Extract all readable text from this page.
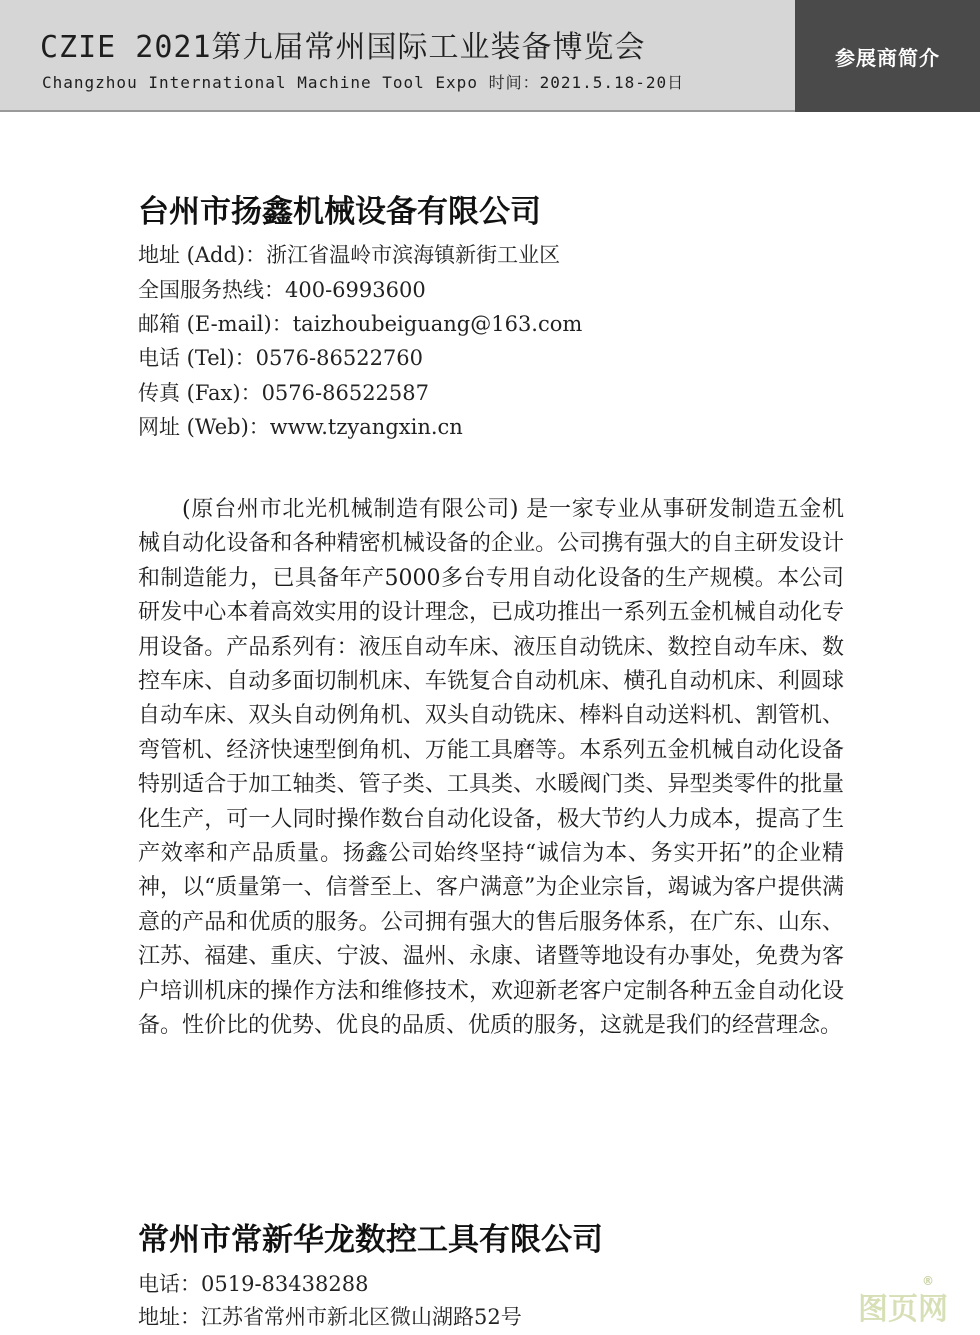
CZIE 2021第九届常州国际工业装备博览会
Changzhou International Machine Tool Expo 时间：2021.5.18-20日
参展商简介
台州市扬鑫机械设备有限公司
地址 (Add)：浙江省温岭市滨海镇新街工业区
全国服务热线：400-6993600
邮箱 (E-mail)：taizhoubeiguang@163.com
电话 (Tel)：0576-86522760
传真 (Fax)：0576-86522587
网址 (Web)：www.tzyangxin.cn

(原台州市北光机械制造有限公司) 是一家专业从事研发制造五金机械自动化设备和各种精密机械设备的企业。公司携有强大的自主研发设计和制造能力，已具备年产5000多台专用自动化设备的生产规模。本公司研发中心本着高效实用的设计理念，已成功推出一系列五金机械自动化专用设备。产品系列有：液压自动车床、液压自动铣床、数控自动车床、数控车床、自动多面切制机床、车铣复合自动机床、横孔自动机床、利圆球自动车床、双头自动例角机、双头自动铣床、棒料自动送料机、割管机、弯管机、经济快速型倒角机、万能工具磨等。本系列五金机械自动化设备特别适合于加工轴类、管子类、工具类、水暖阀门类、异型类零件的批量化生产，可一人同时操作数台自动化设备，极大节约人力成本，提高了生产效率和产品质量。扬鑫公司始终坚持“诚信为本、务实开拓”的企业精神，以“质量第一、信誉至上、客户满意”为企业宗旨，竭诚为客户提供满意的产品和优质的服务。公司拥有强大的售后服务体系，在广东、山东、江苏、福建、重庆、宁波、温州、永康、诸暨等地设有办事处，免费为客户培训机床的操作方法和维修技术，欢迎新老客户定制各种五金自动化设备。性价比的优势、优良的品质、优质的服务，这就是我们的经营理念。

常州市常新华龙数控工具有限公司
电话：0519-83438288
地址：江苏省常州市新北区微山湖路52号	图页网
®
